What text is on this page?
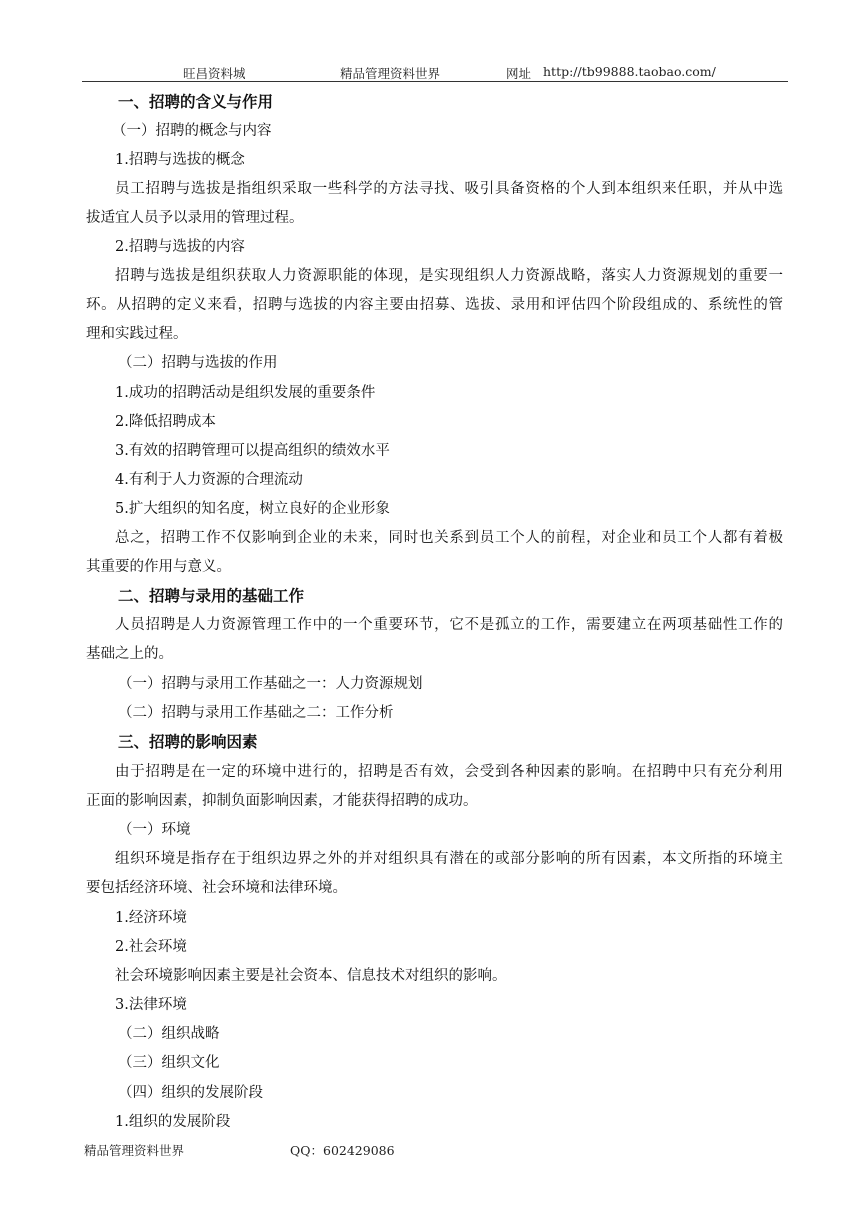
旺昌资料城	精品管理资料世界	网址 http://tb99888.taobao.com/
一、招聘的含义与作用
（一）招聘的概念与内容
1.招聘与选拔的概念
员工招聘与选拔是指组织采取一些科学的方法寻找、吸引具备资格的个人到本组织来任职，并从中选
拔适宜人员予以录用的管理过程。
2.招聘与选拔的内容
招聘与选拔是组织获取人力资源职能的体现，是实现组织人力资源战略，落实人力资源规划的重要一
环。从招聘的定义来看，招聘与选拔的内容主要由招募、选拔、录用和评估四个阶段组成的、系统性的管
理和实践过程。
（二）招聘与选拔的作用
1.成功的招聘活动是组织发展的重要条件
2.降低招聘成本
3.有效的招聘管理可以提高组织的绩效水平
4.有利于人力资源的合理流动
5.扩大组织的知名度，树立良好的企业形象
总之，招聘工作不仅影响到企业的未来，同时也关系到员工个人的前程，对企业和员工个人都有着极
其重要的作用与意义。
二、招聘与录用的基础工作
人员招聘是人力资源管理工作中的一个重要环节，它不是孤立的工作，需要建立在两项基础性工作的
基础之上的。
（一）招聘与录用工作基础之一：人力资源规划
（二）招聘与录用工作基础之二：工作分析
三、招聘的影响因素
由于招聘是在一定的环境中进行的，招聘是否有效，会受到各种因素的影响。在招聘中只有充分利用
正面的影响因素，抑制负面影响因素，才能获得招聘的成功。
（一）环境
组织环境是指存在于组织边界之外的并对组织具有潜在的或部分影响的所有因素，本文所指的环境主
要包括经济环境、社会环境和法律环境。
1.经济环境
2.社会环境
社会环境影响因素主要是社会资本、信息技术对组织的影响。
3.法律环境
（二）组织战略
（三）组织文化
（四）组织的发展阶段
1.组织的发展阶段
精品管理资料世界	QQ：602429086
